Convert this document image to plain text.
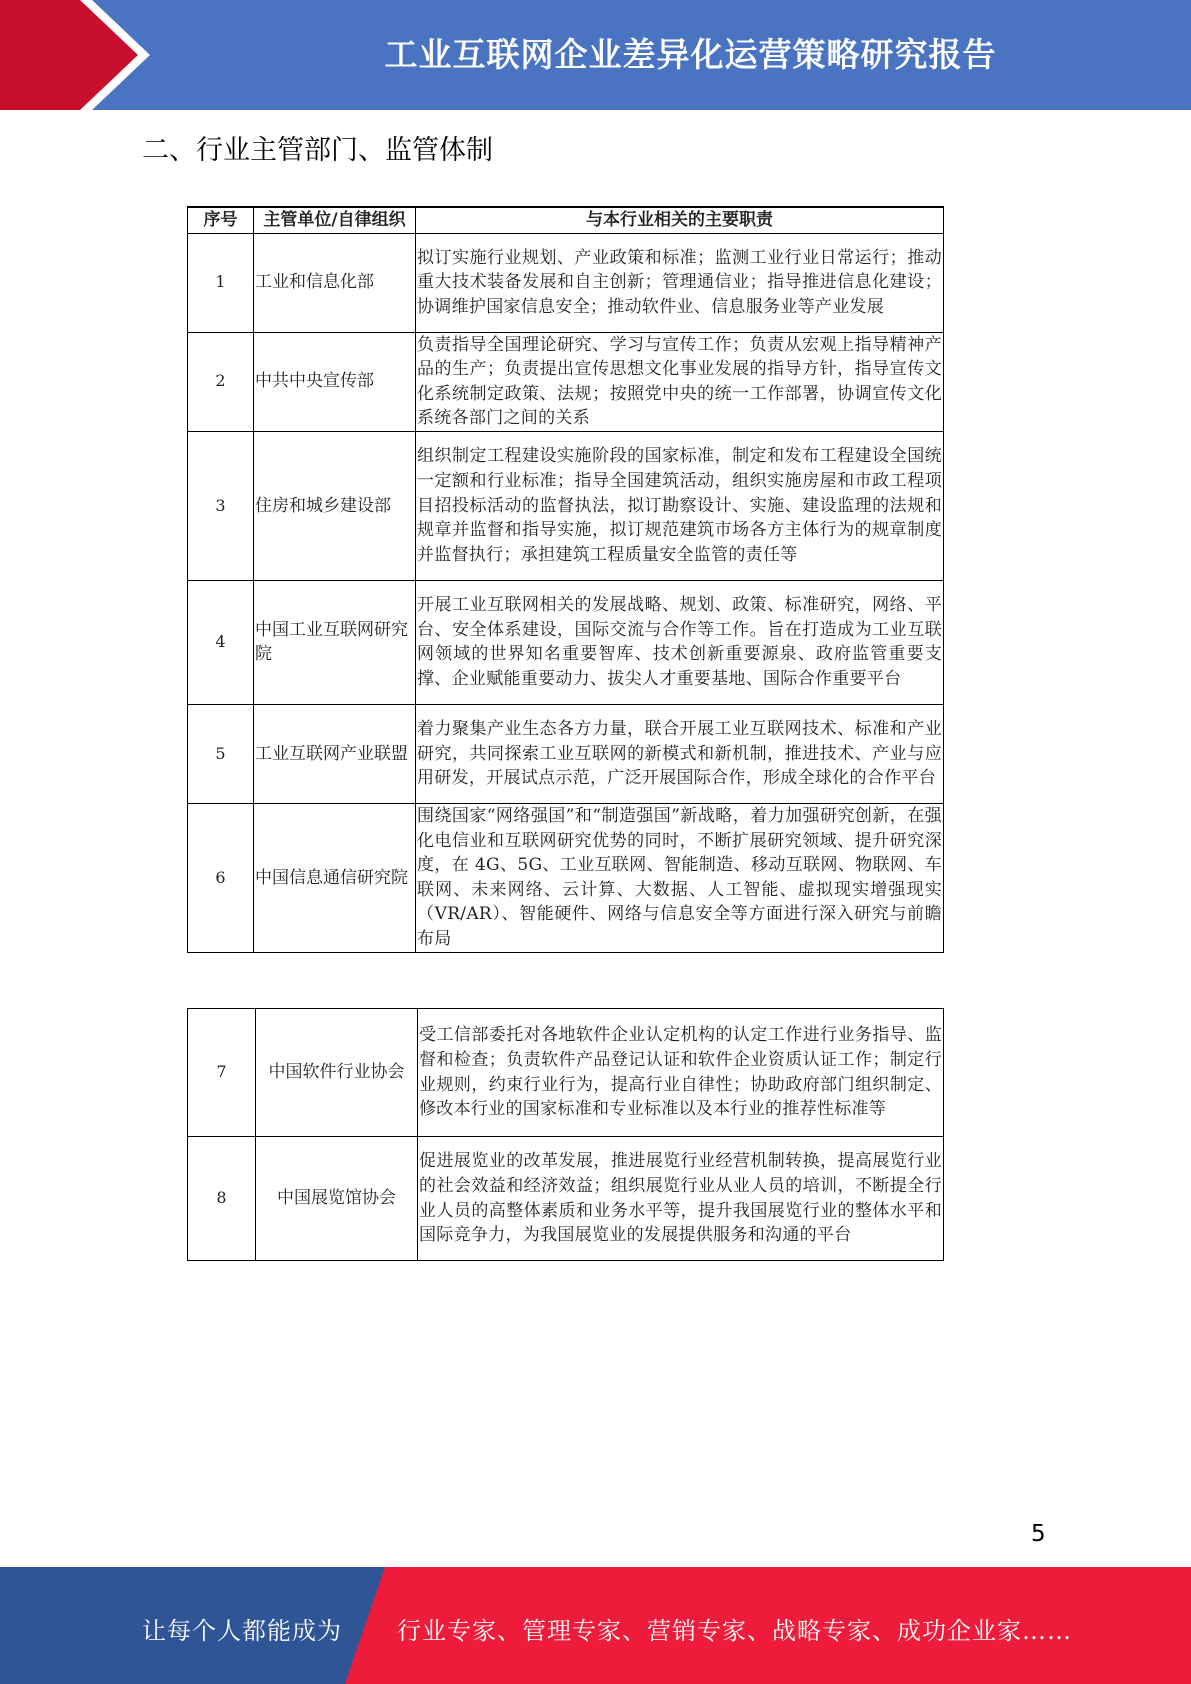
工业互联网企业差异化运营策略研究报告
二、行业主管部门、监管体制
序号	主管单位/自律组织	与本行业相关的主要职责
1	工业和信息化部	拟订实施行业规划、产业政策和标准；监测工业行业日常运行；推动重大技术装备发展和自主创新；管理通信业；指导推进信息化建设；协调维护国家信息安全；推动软件业、信息服务业等产业发展
2	中共中央宣传部	负责指导全国理论研究、学习与宣传工作；负责从宏观上指导精神产品的生产；负责提出宣传思想文化事业发展的指导方针，指导宣传文化系统制定政策、法规；按照党中央的统一工作部署，协调宣传文化系统各部门之间的关系
3	住房和城乡建设部	组织制定工程建设实施阶段的国家标准，制定和发布工程建设全国统一定额和行业标准；指导全国建筑活动，组织实施房屋和市政工程项目招投标活动的监督执法，拟订勘察设计、实施、建设监理的法规和规章并监督和指导实施，拟订规范建筑市场各方主体行为的规章制度并监督执行；承担建筑工程质量安全监管的责任等
4	中国工业互联网研究院	开展工业互联网相关的发展战略、规划、政策、标准研究，网络、平台、安全体系建设，国际交流与合作等工作。旨在打造成为工业互联网领域的世界知名重要智库、技术创新重要源泉、政府监管重要支撑、企业赋能重要动力、拔尖人才重要基地、国际合作重要平台
5	工业互联网产业联盟	着力聚集产业生态各方力量，联合开展工业互联网技术、标准和产业研究，共同探索工业互联网的新模式和新机制，推进技术、产业与应用研发，开展试点示范，广泛开展国际合作，形成全球化的合作平台
6	中国信息通信研究院	围绕国家“网络强国”和“制造强国”新战略，着力加强研究创新，在强化电信业和互联网研究优势的同时，不断扩展研究领域、提升研究深度，在 4G、5G、工业互联网、智能制造、移动互联网、物联网、车联网、未来网络、云计算、大数据、人工智能、虚拟现实增强现实（VR/AR）、智能硬件、网络与信息安全等方面进行深入研究与前瞻布局
7	中国软件行业协会	受工信部委托对各地软件企业认定机构的认定工作进行业务指导、监督和检查；负责软件产品登记认证和软件企业资质认证工作；制定行业规则，约束行业行为，提高行业自律性；协助政府部门组织制定、修改本行业的国家标准和专业标准以及本行业的推荐性标准等
8	中国展览馆协会	促进展览业的改革发展，推进展览行业经营机制转换，提高展览行业的社会效益和经济效益；组织展览行业从业人员的培训，不断提全行业人员的高整体素质和业务水平等，提升我国展览行业的整体水平和国际竞争力，为我国展览业的发展提供服务和沟通的平台
5
让每个人都能成为 行业专家、管理专家、营销专家、战略专家、成功企业家……
